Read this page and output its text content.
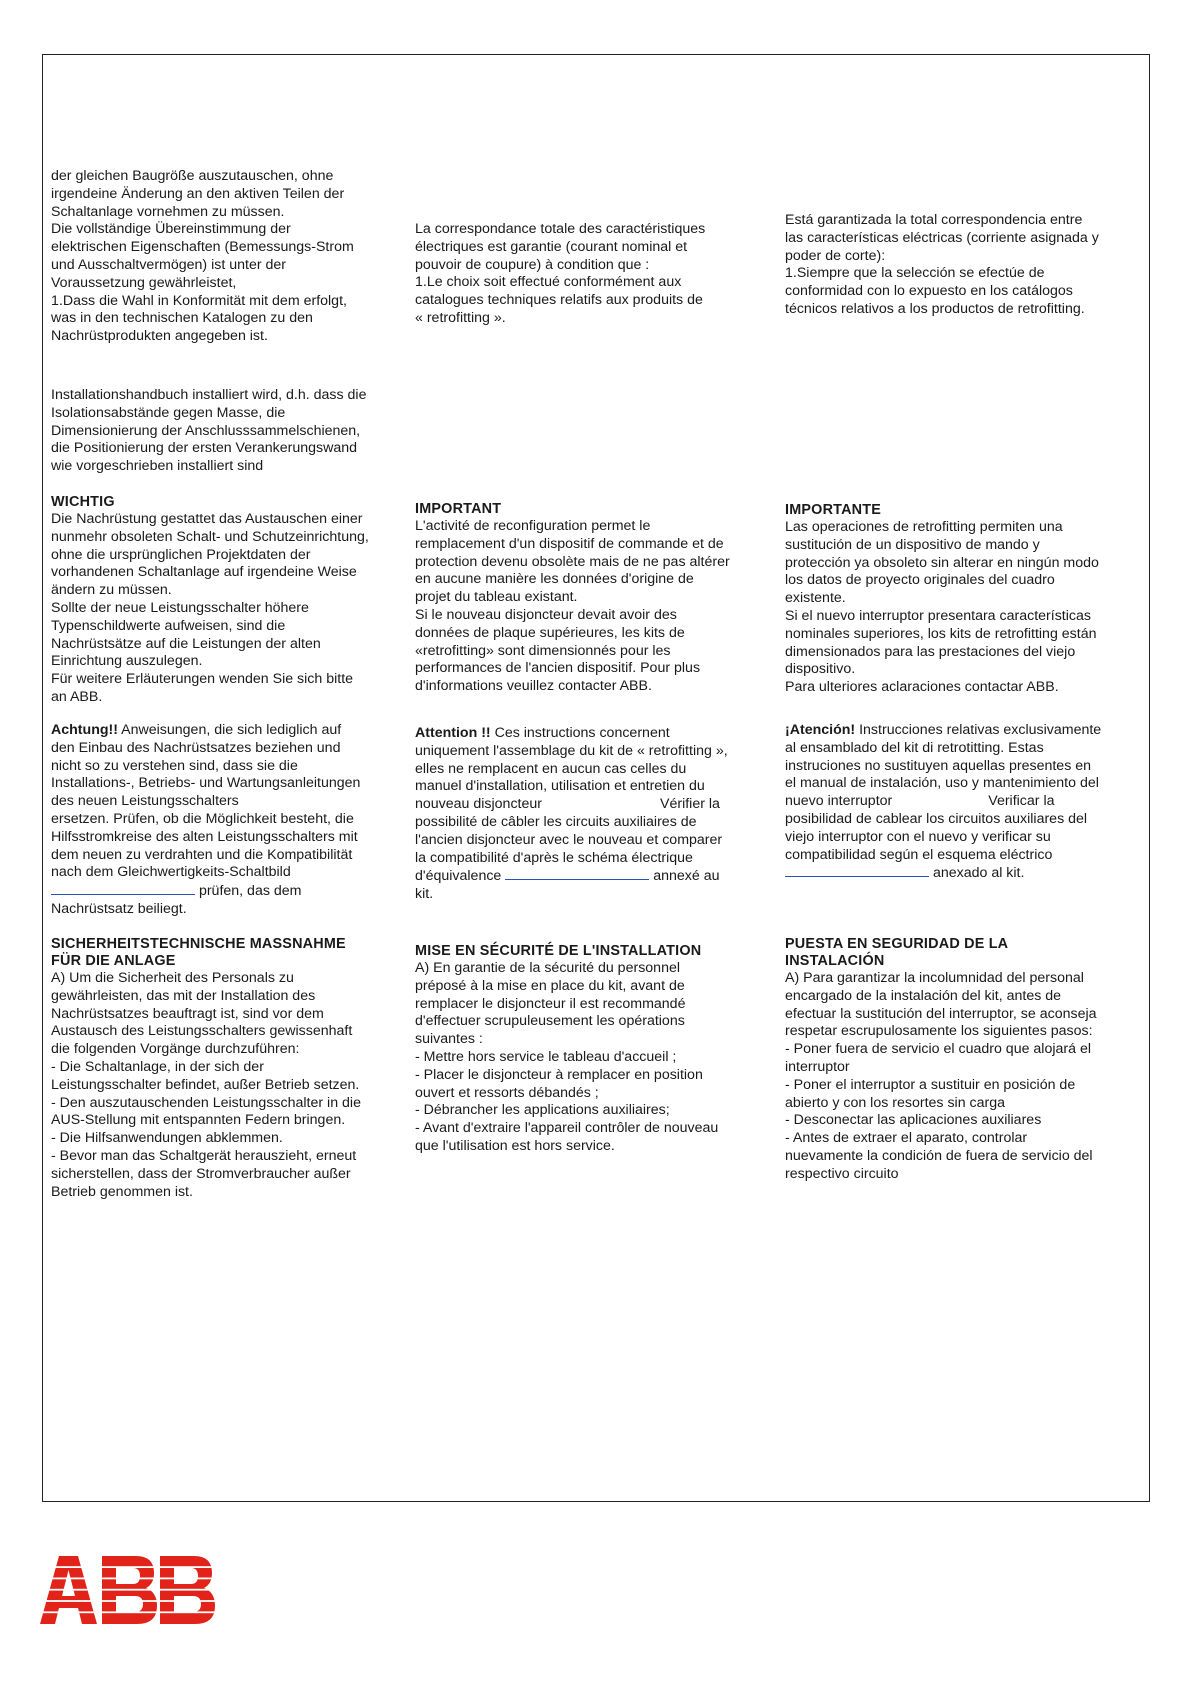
der gleichen Baugröße auszutauschen, ohne

irgendeine Änderung an den aktiven Teilen der

Schaltanlage vornehmen zu müssen.

Die vollständige Übereinstimmung der

elektrischen Eigenschaften (Bemessungs-Strom

und Ausschaltvermögen) ist unter der

Voraussetzung gewährleistet,

1.Dass die Wahl in Konformität mit dem erfolgt,

was in den technischen Katalogen zu den

Nachrüstprodukten angegeben ist.

Installationshandbuch installiert wird, d.h. dass die

Isolationsabstände gegen Masse, die

Dimensionierung der Anschlusssammelschienen,

die Positionierung der ersten Verankerungswand

wie vorgeschrieben installiert sind

WICHTIG

Die Nachrüstung gestattet das Austauschen einer

nunmehr obsoleten Schalt- und Schutzeinrichtung,

ohne die ursprünglichen Projektdaten der

vorhandenen Schaltanlage auf irgendeine Weise

ändern zu müssen.

Sollte der neue Leistungsschalter höhere

Typenschildwerte aufweisen, sind die

Nachrüstsätze auf die Leistungen der alten

Einrichtung auszulegen.

Für weitere Erläuterungen wenden Sie sich bitte

an ABB.

Achtung!! Anweisungen, die sich lediglich auf

den Einbau des Nachrüstsatzes beziehen und

nicht so zu verstehen sind, dass sie die

Installations-, Betriebs- und Wartungsanleitungen

des neuen Leistungsschalters

ersetzen. Prüfen, ob die Möglichkeit besteht, die

Hilfsstromkreise des alten Leistungsschalters mit

dem neuen zu verdrahten und die Kompatibilität

nach dem Gleichwertigkeits-Schaltbild

prüfen, das dem

Nachrüstsatz beiliegt.

SICHERHEITSTECHNISCHE MASSNAHME

FÜR DIE ANLAGE

A) Um die Sicherheit des Personals zu

gewährleisten, das mit der Installation des

Nachrüstsatzes beauftragt ist, sind vor dem

Austausch des Leistungsschalters gewissenhaft

die folgenden Vorgänge durchzuführen:

- Die Schaltanlage, in der sich der

Leistungsschalter befindet, außer Betrieb setzen.

- Den auszutauschenden Leistungsschalter in die

AUS-Stellung mit entspannten Federn bringen.

- Die Hilfsanwendungen abklemmen.

- Bevor man das Schaltgerät herauszieht, erneut

sicherstellen, dass der Stromverbraucher außer

Betrieb genommen ist.

La correspondance totale des caractéristiques

électriques est garantie (courant nominal et

pouvoir de coupure) à condition que :

1.Le choix soit effectué conformément aux

catalogues techniques relatifs aux produits de

« retrofitting ».

IMPORTANT

L'activité de reconfiguration permet le

remplacement d'un dispositif de commande et de

protection devenu obsolète mais de ne pas altérer

en aucune manière les données d'origine de

projet du tableau existant.

Si le nouveau disjoncteur devait avoir des

données de plaque supérieures, les kits de

«retrofitting» sont dimensionnés pour les

performances de l'ancien dispositif. Pour plus

d'informations veuillez contacter ABB.

Attention !! Ces instructions concernent

uniquement l'assemblage du kit de « retrofitting »,

elles ne remplacent en aucun cas celles du

manuel d'installation, utilisation et entretien du

nouveau disjoncteur	Vérifier la

possibilité de câbler les circuits auxiliaires de

l'ancien disjoncteur avec le nouveau et comparer

la compatibilité d'après le schéma électrique

d'équivalence	annexé au

kit.

MISE EN SÉCURITÉ DE L'INSTALLATION

A) En garantie de la sécurité du personnel

préposé à la mise en place du kit, avant de

remplacer le disjoncteur il est recommandé

d'effectuer scrupuleusement les opérations

suivantes :

- Mettre hors service le tableau d'accueil ;

- Placer le disjoncteur à remplacer en position

ouvert et ressorts débandés ;

- Débrancher les applications auxiliaires;

- Avant d'extraire l'appareil contrôler de nouveau

que l'utilisation est hors service.

Está garantizada la total correspondencia entre

las características eléctricas (corriente asignada y

poder de corte):

1.Siempre que la selección se efectúe de

conformidad con lo expuesto en los catálogos

técnicos relativos a los productos de retrofitting.

IMPORTANTE

Las operaciones de retrofitting permiten una

sustitución de un dispositivo de mando y

protección ya obsoleto sin alterar en ningún modo

los datos de proyecto originales del cuadro

existente.

Si el nuevo interruptor presentara características

nominales superiores, los kits de retrofitting están

dimensionados para las prestaciones del viejo

dispositivo.

Para ulteriores aclaraciones contactar ABB.

¡Atención! Instrucciones relativas exclusivamente

al ensamblado del kit di retrotitting. Estas

instruciones no sustituyen aquellas presentes en

el manual de instalación, uso y mantenimiento del

nuevo interruptor	Verificar la

posibilidad de cablear los circuitos auxiliares del

viejo interruptor con el nuevo y verificar su

compatibilidad según el esquema eléctrico

anexado al kit.

PUESTA EN SEGURIDAD DE LA

INSTALACIÓN

A) Para garantizar la incolumnidad del personal

encargado de la instalación del kit, antes de

efectuar la sustitución del interruptor, se aconseja

respetar escrupulosamente los siguientes pasos:

- Poner fuera de servicio el cuadro que alojará el

interruptor

- Poner el interruptor a sustituir en posición de

abierto y con los resortes sin carga

- Desconectar las aplicaciones auxiliares

- Antes de extraer el aparato, controlar

nuevamente la condición de fuera de servicio del

respectivo circuito
